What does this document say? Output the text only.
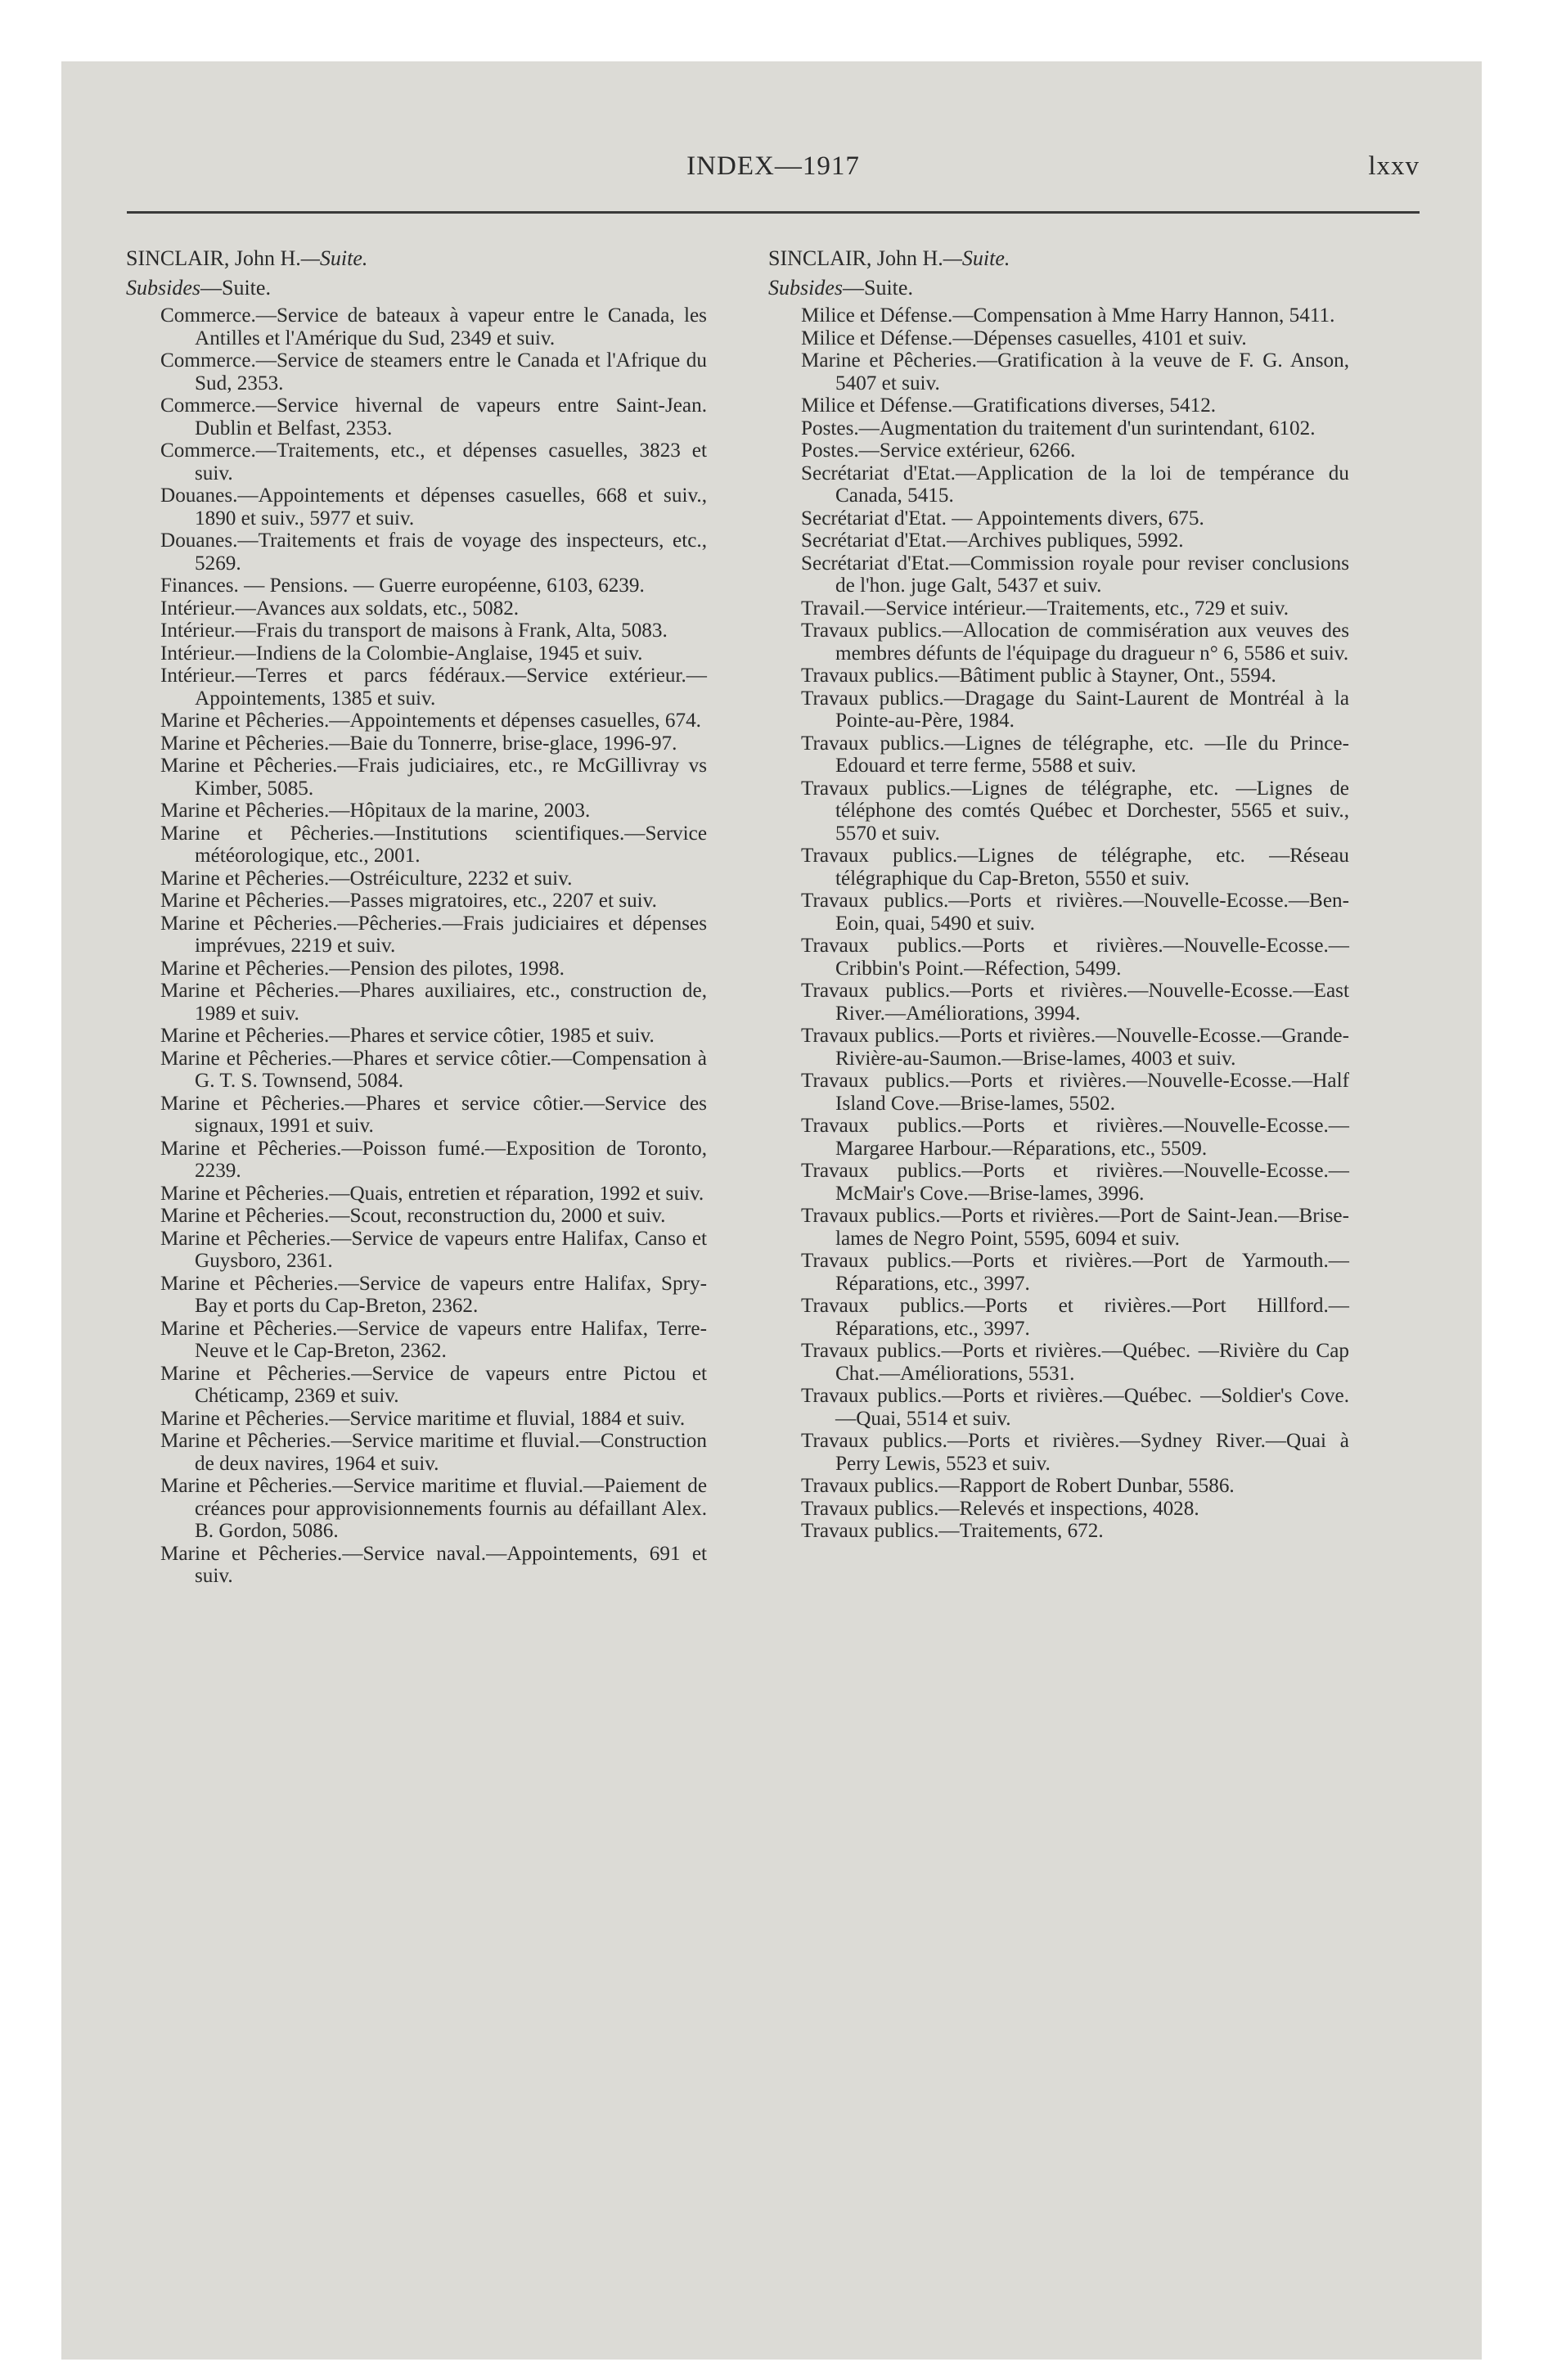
INDEX—1917	lxxv
SINCLAIR, John H.—Suite.
Subsides—Suite.
Commerce.—Service de bateaux à vapeur entre le Canada, les Antilles et l'Amérique du Sud, 2349 et suiv.
Commerce.—Service de steamers entre le Canada et l'Afrique du Sud, 2353.
Commerce.—Service hivernal de vapeurs entre Saint-Jean. Dublin et Belfast, 2353.
Commerce.—Traitements, etc., et dépenses casuelles, 3823 et suiv.
Douanes.—Appointements et dépenses casuelles, 668 et suiv., 1890 et suiv., 5977 et suiv.
Douanes.—Traitements et frais de voyage des inspecteurs, etc., 5269.
Finances. — Pensions. — Guerre européenne, 6103, 6239.
Intérieur.—Avances aux soldats, etc., 5082.
Intérieur.—Frais du transport de maisons à Frank, Alta, 5083.
Intérieur.—Indiens de la Colombie-Anglaise, 1945 et suiv.
Intérieur.—Terres et parcs fédéraux.—Service extérieur.—Appointements, 1385 et suiv.
Marine et Pêcheries.—Appointements et dépenses casuelles, 674.
Marine et Pêcheries.—Baie du Tonnerre, brise-glace, 1996-97.
Marine et Pêcheries.—Frais judiciaires, etc., re McGillivray vs Kimber, 5085.
Marine et Pêcheries.—Hôpitaux de la marine, 2003.
Marine et Pêcheries.—Institutions scientifiques.—Service météorologique, etc., 2001.
Marine et Pêcheries.—Ostréiculture, 2232 et suiv.
Marine et Pêcheries.—Passes migratoires, etc., 2207 et suiv.
Marine et Pêcheries.—Pêcheries.—Frais judiciaires et dépenses imprévues, 2219 et suiv.
Marine et Pêcheries.—Pension des pilotes, 1998.
Marine et Pêcheries.—Phares auxiliaires, etc., construction de, 1989 et suiv.
Marine et Pêcheries.—Phares et service côtier, 1985 et suiv.
Marine et Pêcheries.—Phares et service côtier.—Compensation à G. T. S. Townsend, 5084.
Marine et Pêcheries.—Phares et service côtier.—Service des signaux, 1991 et suiv.
Marine et Pêcheries.—Poisson fumé.—Exposition de Toronto, 2239.
Marine et Pêcheries.—Quais, entretien et réparation, 1992 et suiv.
Marine et Pêcheries.—Scout, reconstruction du, 2000 et suiv.
Marine et Pêcheries.—Service de vapeurs entre Halifax, Canso et Guysboro, 2361.
Marine et Pêcheries.—Service de vapeurs entre Halifax, Spry-Bay et ports du Cap-Breton, 2362.
Marine et Pêcheries.—Service de vapeurs entre Halifax, Terre-Neuve et le Cap-Breton, 2362.
Marine et Pêcheries.—Service de vapeurs entre Pictou et Chéticamp, 2369 et suiv.
Marine et Pêcheries.—Service maritime et fluvial, 1884 et suiv.
Marine et Pêcheries.—Service maritime et fluvial.—Construction de deux navires, 1964 et suiv.
Marine et Pêcheries.—Service maritime et fluvial.—Paiement de créances pour approvisionnements fournis au défaillant Alex. B. Gordon, 5086.
Marine et Pêcheries.—Service naval.—Appointements, 691 et suiv.
SINCLAIR, John H.—Suite.
Subsides—Suite.
Milice et Défense.—Compensation à Mme Harry Hannon, 5411.
Milice et Défense.—Dépenses casuelles, 4101 et suiv.
Marine et Pêcheries.—Gratification à la veuve de F. G. Anson, 5407 et suiv.
Milice et Défense.—Gratifications diverses, 5412.
Postes.—Augmentation du traitement d'un surintendant, 6102.
Postes.—Service extérieur, 6266.
Secrétariat d'Etat.—Application de la loi de tempérance du Canada, 5415.
Secrétariat d'Etat. — Appointements divers, 675.
Secrétariat d'Etat.—Archives publiques, 5992.
Secrétariat d'Etat.—Commission royale pour reviser conclusions de l'hon. juge Galt, 5437 et suiv.
Travail.—Service intérieur.—Traitements, etc., 729 et suiv.
Travaux publics.—Allocation de commisération aux veuves des membres défunts de l'équipage du dragueur n° 6, 5586 et suiv.
Travaux publics.—Bâtiment public à Stayner, Ont., 5594.
Travaux publics.—Dragage du Saint-Laurent de Montréal à la Pointe-au-Père, 1984.
Travaux publics.—Lignes de télégraphe, etc. —Ile du Prince-Edouard et terre ferme, 5588 et suiv.
Travaux publics.—Lignes de télégraphe, etc. —Lignes de téléphone des comtés Québec et Dorchester, 5565 et suiv., 5570 et suiv.
Travaux publics.—Lignes de télégraphe, etc. —Réseau télégraphique du Cap-Breton, 5550 et suiv.
Travaux publics.—Ports et rivières.—Nouvelle-Ecosse.—Ben-Eoin, quai, 5490 et suiv.
Travaux publics.—Ports et rivières.—Nouvelle-Ecosse.—Cribbin's Point.—Réfection, 5499.
Travaux publics.—Ports et rivières.—Nouvelle-Ecosse.—East River.—Améliorations, 3994.
Travaux publics.—Ports et rivières.—Nouvelle-Ecosse.—Grande-Rivière-au-Saumon.—Brise-lames, 4003 et suiv.
Travaux publics.—Ports et rivières.—Nouvelle-Ecosse.—Half Island Cove.—Brise-lames, 5502.
Travaux publics.—Ports et rivières.—Nouvelle-Ecosse.—Margaree Harbour.—Réparations, etc., 5509.
Travaux publics.—Ports et rivières.—Nouvelle-Ecosse.—McMair's Cove.—Brise-lames, 3996.
Travaux publics.—Ports et rivières.—Port de Saint-Jean.—Brise-lames de Negro Point, 5595, 6094 et suiv.
Travaux publics.—Ports et rivières.—Port de Yarmouth.—Réparations, etc., 3997.
Travaux publics.—Ports et rivières.—Port Hillford.—Réparations, etc., 3997.
Travaux publics.—Ports et rivières.—Québec. —Rivière du Cap Chat.—Améliorations, 5531.
Travaux publics.—Ports et rivières.—Québec. —Soldier's Cove.—Quai, 5514 et suiv.
Travaux publics.—Ports et rivières.—Sydney River.—Quai à Perry Lewis, 5523 et suiv.
Travaux publics.—Rapport de Robert Dunbar, 5586.
Travaux publics.—Relevés et inspections, 4028.
Travaux publics.—Traitements, 672.
